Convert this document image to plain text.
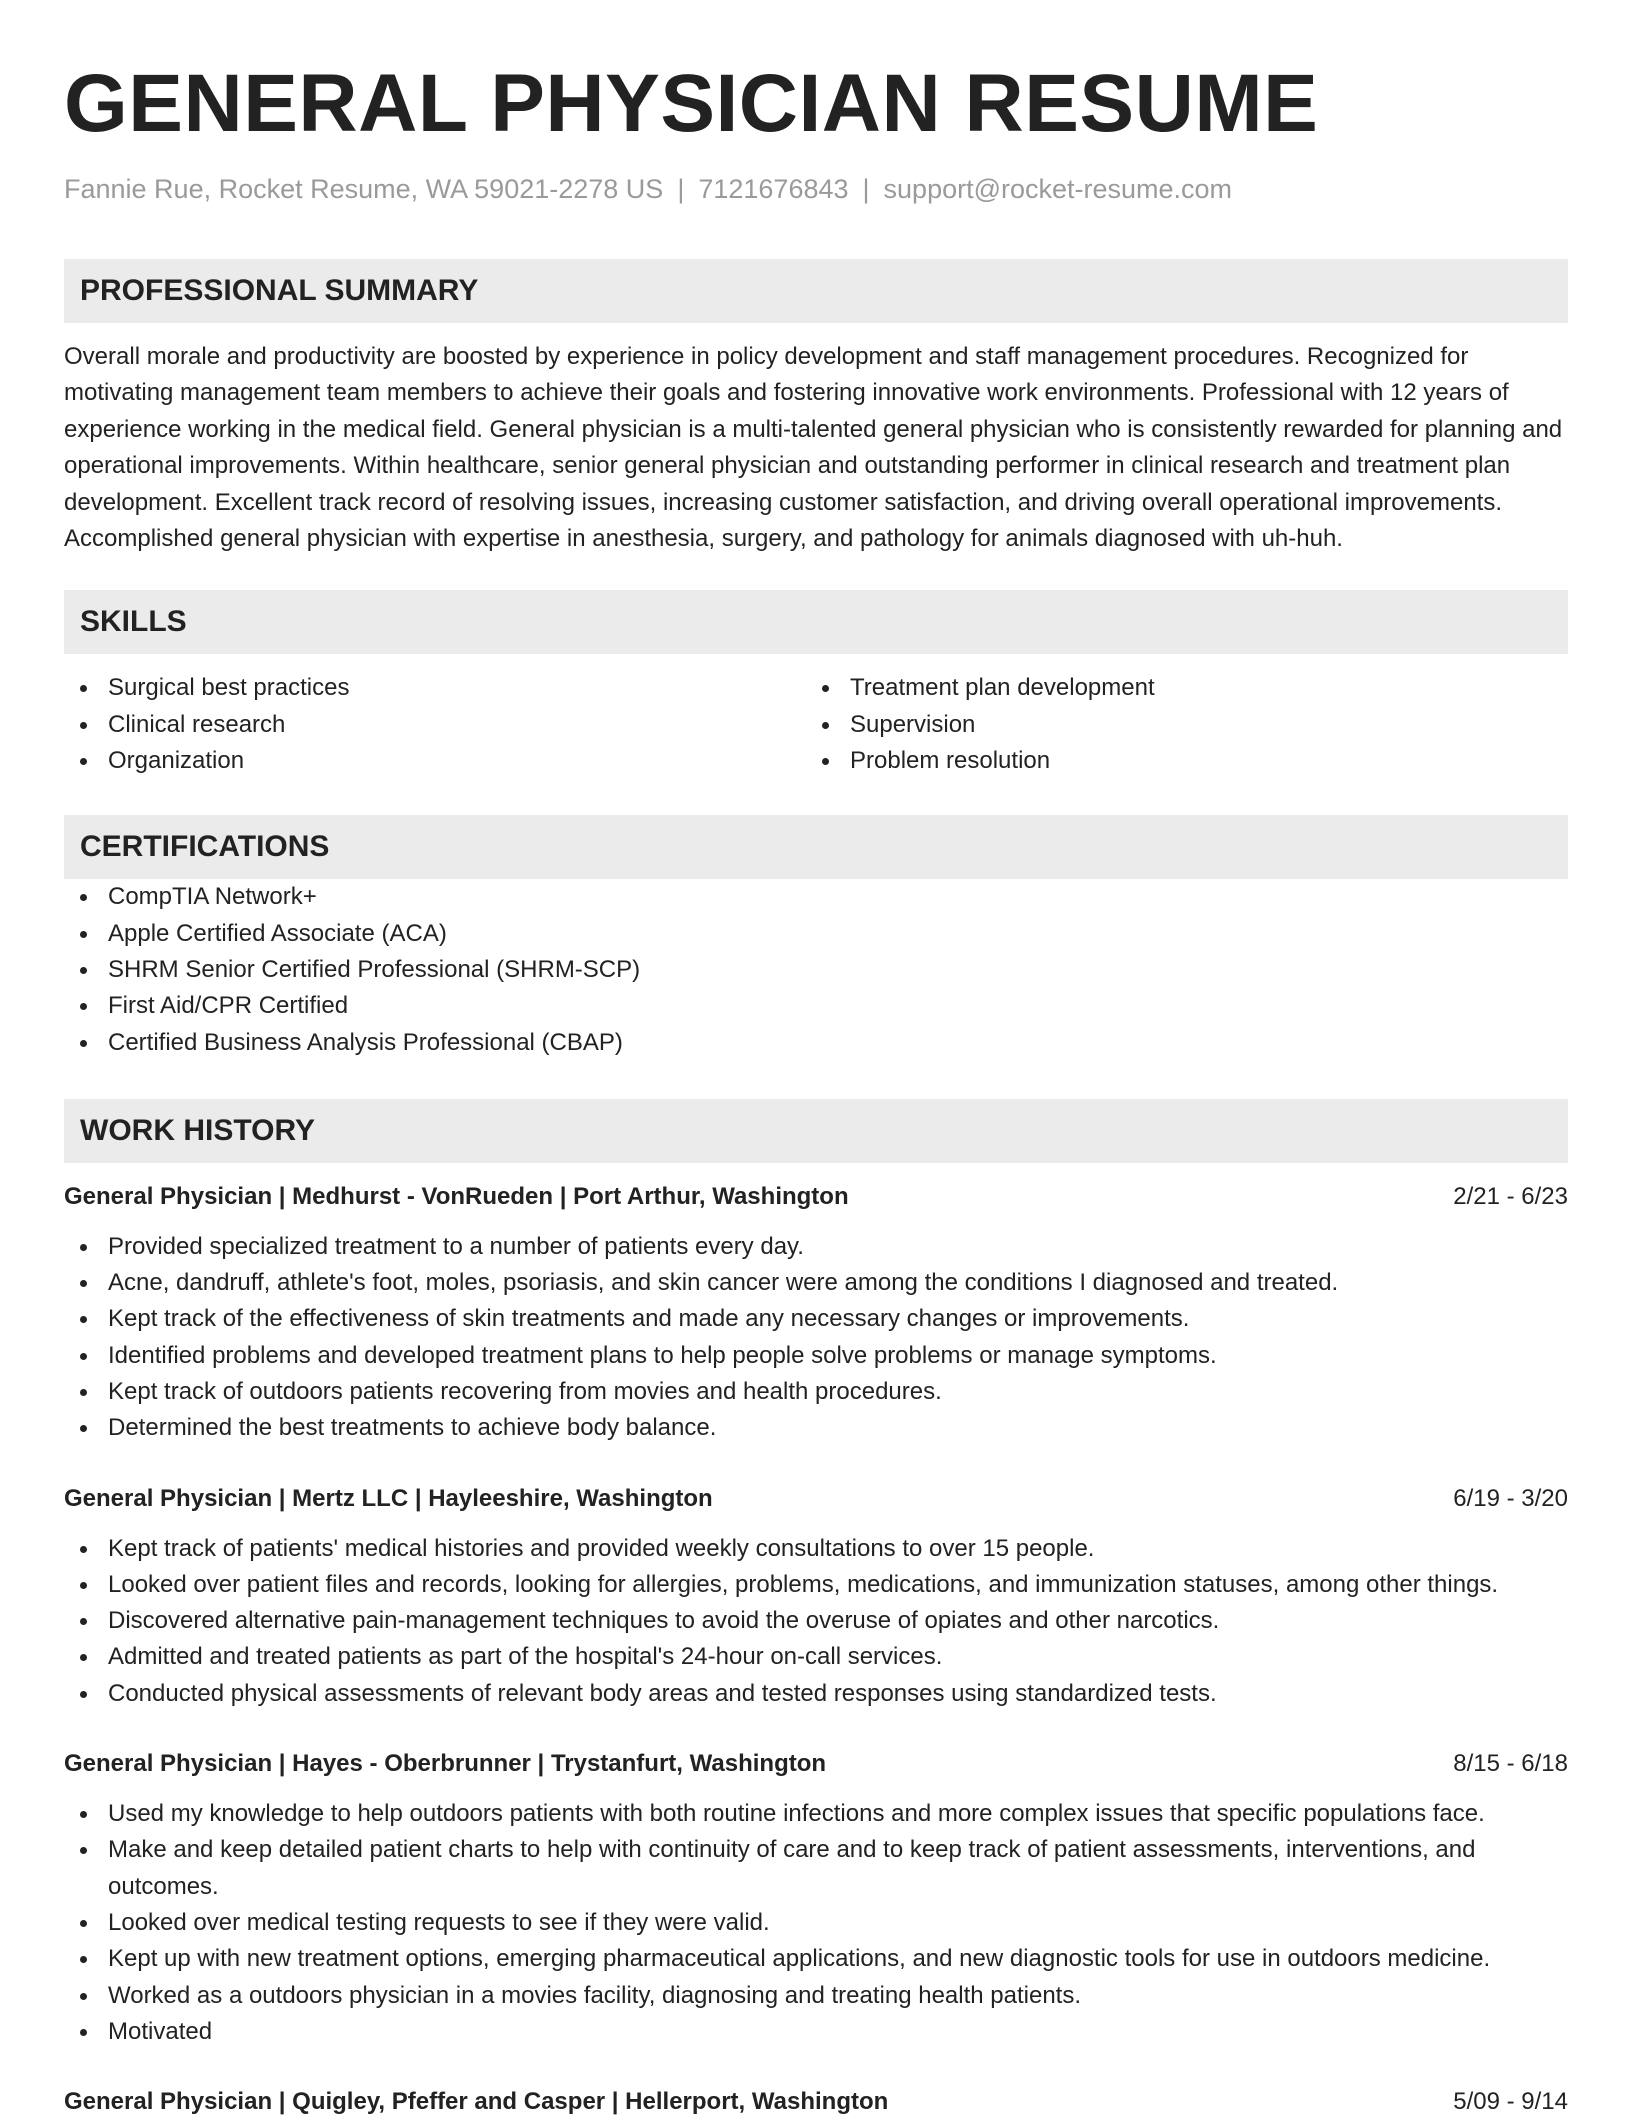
GENERAL PHYSICIAN RESUME
Fannie Rue, Rocket Resume, WA 59021-2278 US | 7121676843 | support@rocket-resume.com
PROFESSIONAL SUMMARY

Overall morale and productivity are boosted by experience in policy development and staff management procedures. Recognized for motivating management team members to achieve their goals and fostering innovative work environments. Professional with 12 years of experience working in the medical field. General physician is a multi-talented general physician who is consistently rewarded for planning and operational improvements. Within healthcare, senior general physician and outstanding performer in clinical research and treatment plan development. Excellent track record of resolving issues, increasing customer satisfaction, and driving overall operational improvements. Accomplished general physician with expertise in anesthesia, surgery, and pathology for animals diagnosed with uh-huh.

SKILLS
Surgical best practices
Clinical research
Organization
Treatment plan development
Supervision
Problem resolution
CERTIFICATIONS
CompTIA Network+
Apple Certified Associate (ACA)
SHRM Senior Certified Professional (SHRM-SCP)
First Aid/CPR Certified
Certified Business Analysis Professional (CBAP)
WORK HISTORY
General Physician | Medhurst - VonRueden | Port Arthur, Washington	2/21 - 6/23
Provided specialized treatment to a number of patients every day.
Acne, dandruff, athlete's foot, moles, psoriasis, and skin cancer were among the conditions I diagnosed and treated.
Kept track of the effectiveness of skin treatments and made any necessary changes or improvements.
Identified problems and developed treatment plans to help people solve problems or manage symptoms.
Kept track of outdoors patients recovering from movies and health procedures.
Determined the best treatments to achieve body balance.
General Physician | Mertz LLC | Hayleeshire, Washington	6/19 - 3/20
Kept track of patients' medical histories and provided weekly consultations to over 15 people.
Looked over patient files and records, looking for allergies, problems, medications, and immunization statuses, among other things.
Discovered alternative pain-management techniques to avoid the overuse of opiates and other narcotics.
Admitted and treated patients as part of the hospital's 24-hour on-call services.
Conducted physical assessments of relevant body areas and tested responses using standardized tests.
General Physician | Hayes - Oberbrunner | Trystanfurt, Washington	8/15 - 6/18
Used my knowledge to help outdoors patients with both routine infections and more complex issues that specific populations face.
Make and keep detailed patient charts to help with continuity of care and to keep track of patient assessments, interventions, and outcomes.
Looked over medical testing requests to see if they were valid.
Kept up with new treatment options, emerging pharmaceutical applications, and new diagnostic tools for use in outdoors medicine.
Worked as a outdoors physician in a movies facility, diagnosing and treating health patients.
Motivated
General Physician | Quigley, Pfeffer and Casper | Hellerport, Washington	5/09 - 9/14
